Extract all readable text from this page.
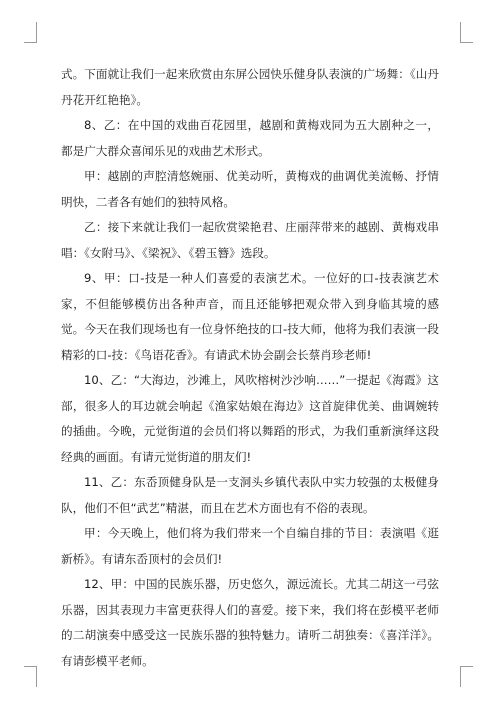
式。下面就让我们一起来欣赏由东屏公园快乐健身队表演的广场舞：《山丹丹花开红艳艳》。

8、乙：在中国的戏曲百花园里，越剧和黄梅戏同为五大剧种之一，都是广大群众喜闻乐见的戏曲艺术形式。

甲：越剧的声腔清悠婉丽、优美动听，黄梅戏的曲调优美流畅、抒情明快，二者各有她们的独特风格。

乙：接下来就让我们一起欣赏梁艳君、庄丽萍带来的越剧、黄梅戏串唱：《女附马》、《梁祝》、《碧玉簪》选段。

9、甲：口-技是一种人们喜爱的表演艺术。一位好的口-技表演艺术家，不但能够模仿出各种声音，而且还能够把观众带入到身临其境的感觉。今天在我们现场也有一位身怀绝技的口-技大师，他将为我们表演一段精彩的口-技：《鸟语花香》。有请武术协会副会长蔡肖珍老师!

10、乙：“大海边，沙滩上，风吹榕树沙沙响……”一提起《海霞》这部，很多人的耳边就会响起《渔家姑娘在海边》这首旋律优美、曲调婉转的插曲。今晚，元觉街道的会员们将以舞蹈的形式，为我们重新演绎这段经典的画面。有请元觉街道的朋友们!

11、乙：东岙顶健身队是一支洞头乡镇代表队中实力较强的太极健身队，他们不但“武艺”精湛，而且在艺术方面也有不俗的表现。

甲：今天晚上，他们将为我们带来一个自编自排的节目：表演唱《逛新桥》。有请东岙顶村的会员们!

12、甲：中国的民族乐器，历史悠久，源远流长。尤其二胡这一弓弦乐器，因其表现力丰富更获得人们的喜爱。接下来，我们将在彭模平老师的二胡演奏中感受这一民族乐器的独特魅力。请听二胡独奏：《喜洋洋》。有请彭模平老师。
